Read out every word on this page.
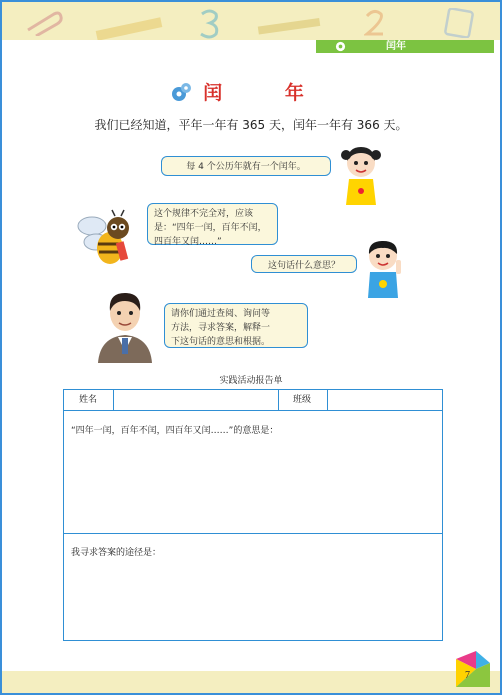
闰年
闰 年
我们已经知道，平年一年有 365 天，闰年一年有 366 天。
每 4 个公历年就有一个闰年。
这个规律不完全对，应该
是：“四年一闰，百年不闰，
四百年又闰……”
这句话什么意思？
请你们通过查阅、询问等
方法，寻求答案，解释一
下这句话的意思和根据。
实践活动报告单
姓名	班级
“四年一闰，百年不闰，四百年又闰……”的意思是：
我寻求答案的途径是：
7
